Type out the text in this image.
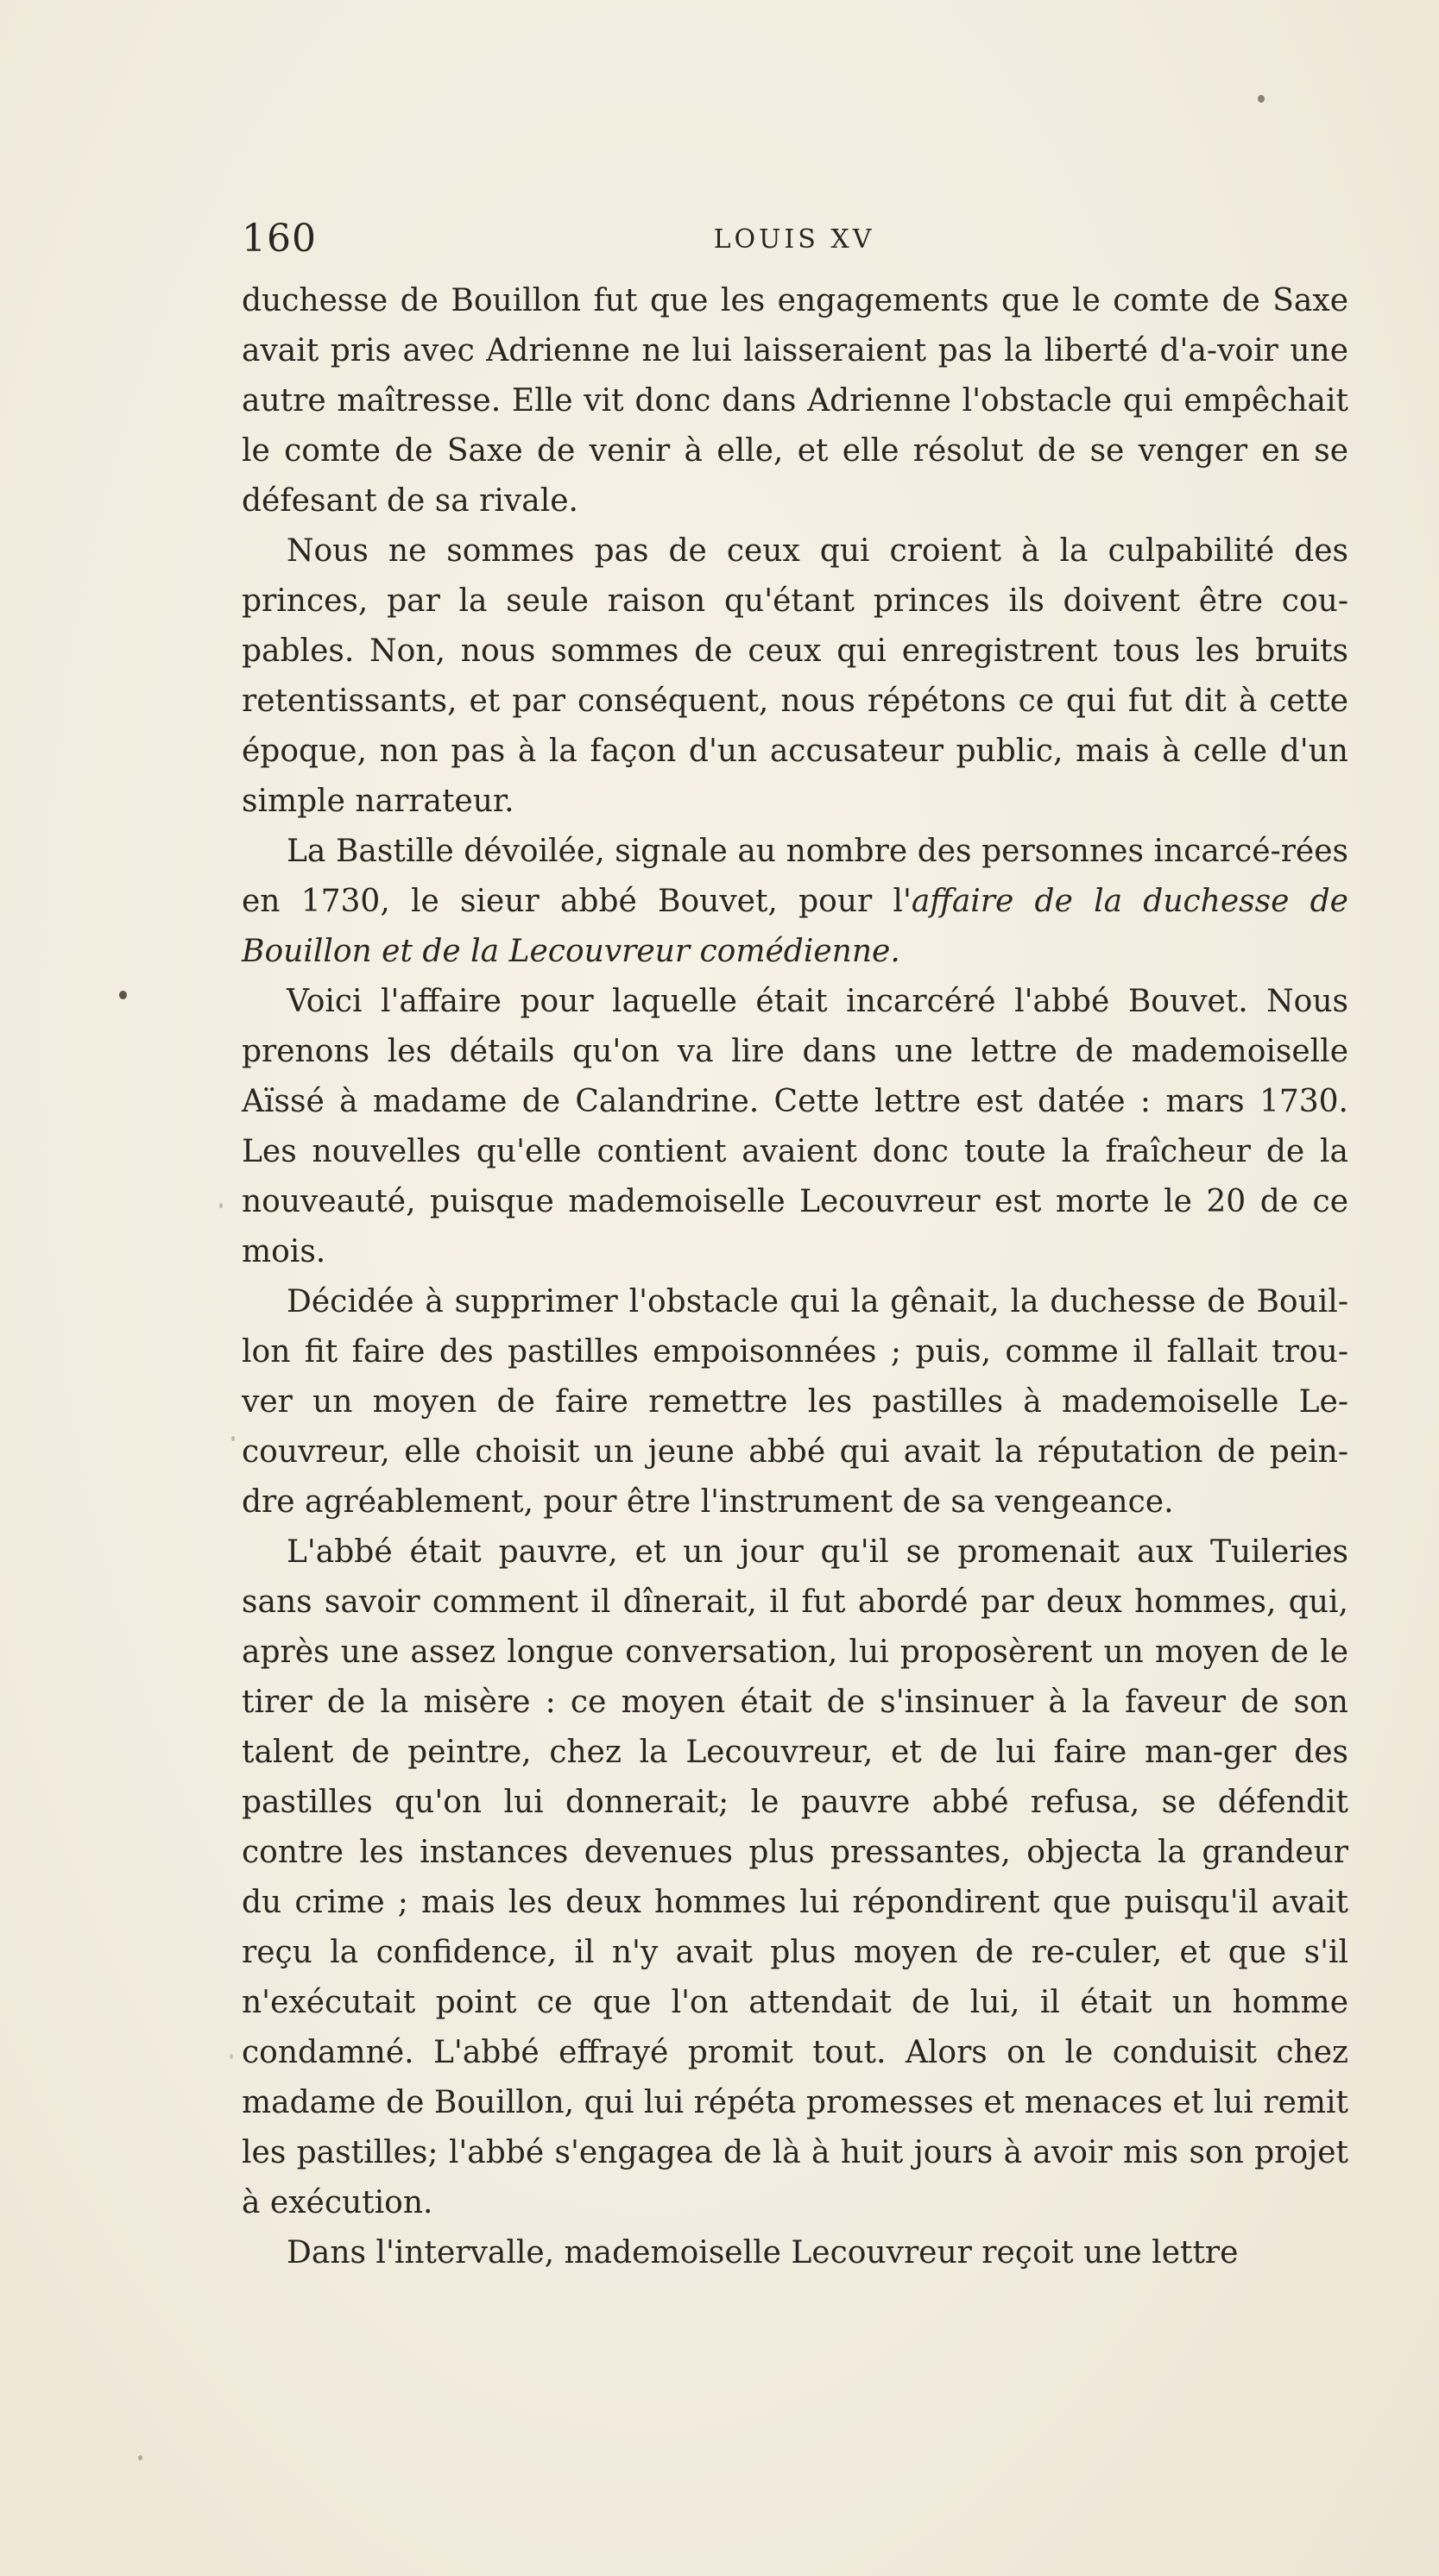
160	LOUIS XV

duchesse de Bouillon fut que les engagements que le comte de Saxe avait pris avec Adrienne ne lui laisseraient pas la liberté d'a-voir une autre maîtresse. Elle vit donc dans Adrienne l'obstacle qui empêchait le comte de Saxe de venir à elle, et elle résolut de se venger en se défesant de sa rivale.

Nous ne sommes pas de ceux qui croient à la culpabilité des princes, par la seule raison qu'étant princes ils doivent être cou-pables. Non, nous sommes de ceux qui enregistrent tous les bruits retentissants, et par conséquent, nous répétons ce qui fut dit à cette époque, non pas à la façon d'un accusateur public, mais à celle d'un simple narrateur.

La Bastille dévoilée, signale au nombre des personnes incarcé-rées en 1730, le sieur abbé Bouvet, pour l'affaire de la duchesse de Bouillon et de la Lecouvreur comédienne.

Voici l'affaire pour laquelle était incarcéré l'abbé Bouvet. Nous prenons les détails qu'on va lire dans une lettre de mademoiselle Aïssé à madame de Calandrine. Cette lettre est datée : mars 1730. Les nouvelles qu'elle contient avaient donc toute la fraîcheur de la nouveauté, puisque mademoiselle Lecouvreur est morte le 20 de ce mois.

Décidée à supprimer l'obstacle qui la gênait, la duchesse de Bouil-lon fit faire des pastilles empoisonnées ; puis, comme il fallait trou-ver un moyen de faire remettre les pastilles à mademoiselle Le-couvreur, elle choisit un jeune abbé qui avait la réputation de pein-dre agréablement, pour être l'instrument de sa vengeance.

L'abbé était pauvre, et un jour qu'il se promenait aux Tuileries sans savoir comment il dînerait, il fut abordé par deux hommes, qui, après une assez longue conversation, lui proposèrent un moyen de le tirer de la misère : ce moyen était de s'insinuer à la faveur de son talent de peintre, chez la Lecouvreur, et de lui faire man-ger des pastilles qu'on lui donnerait; le pauvre abbé refusa, se défendit contre les instances devenues plus pressantes, objecta la grandeur du crime ; mais les deux hommes lui répondirent que puisqu'il avait reçu la confidence, il n'y avait plus moyen de re-culer, et que s'il n'exécutait point ce que l'on attendait de lui, il était un homme condamné. L'abbé effrayé promit tout. Alors on le conduisit chez madame de Bouillon, qui lui répéta promesses et menaces et lui remit les pastilles; l'abbé s'engagea de là à huit jours à avoir mis son projet à exécution.

Dans l'intervalle, mademoiselle Lecouvreur reçoit une lettre
